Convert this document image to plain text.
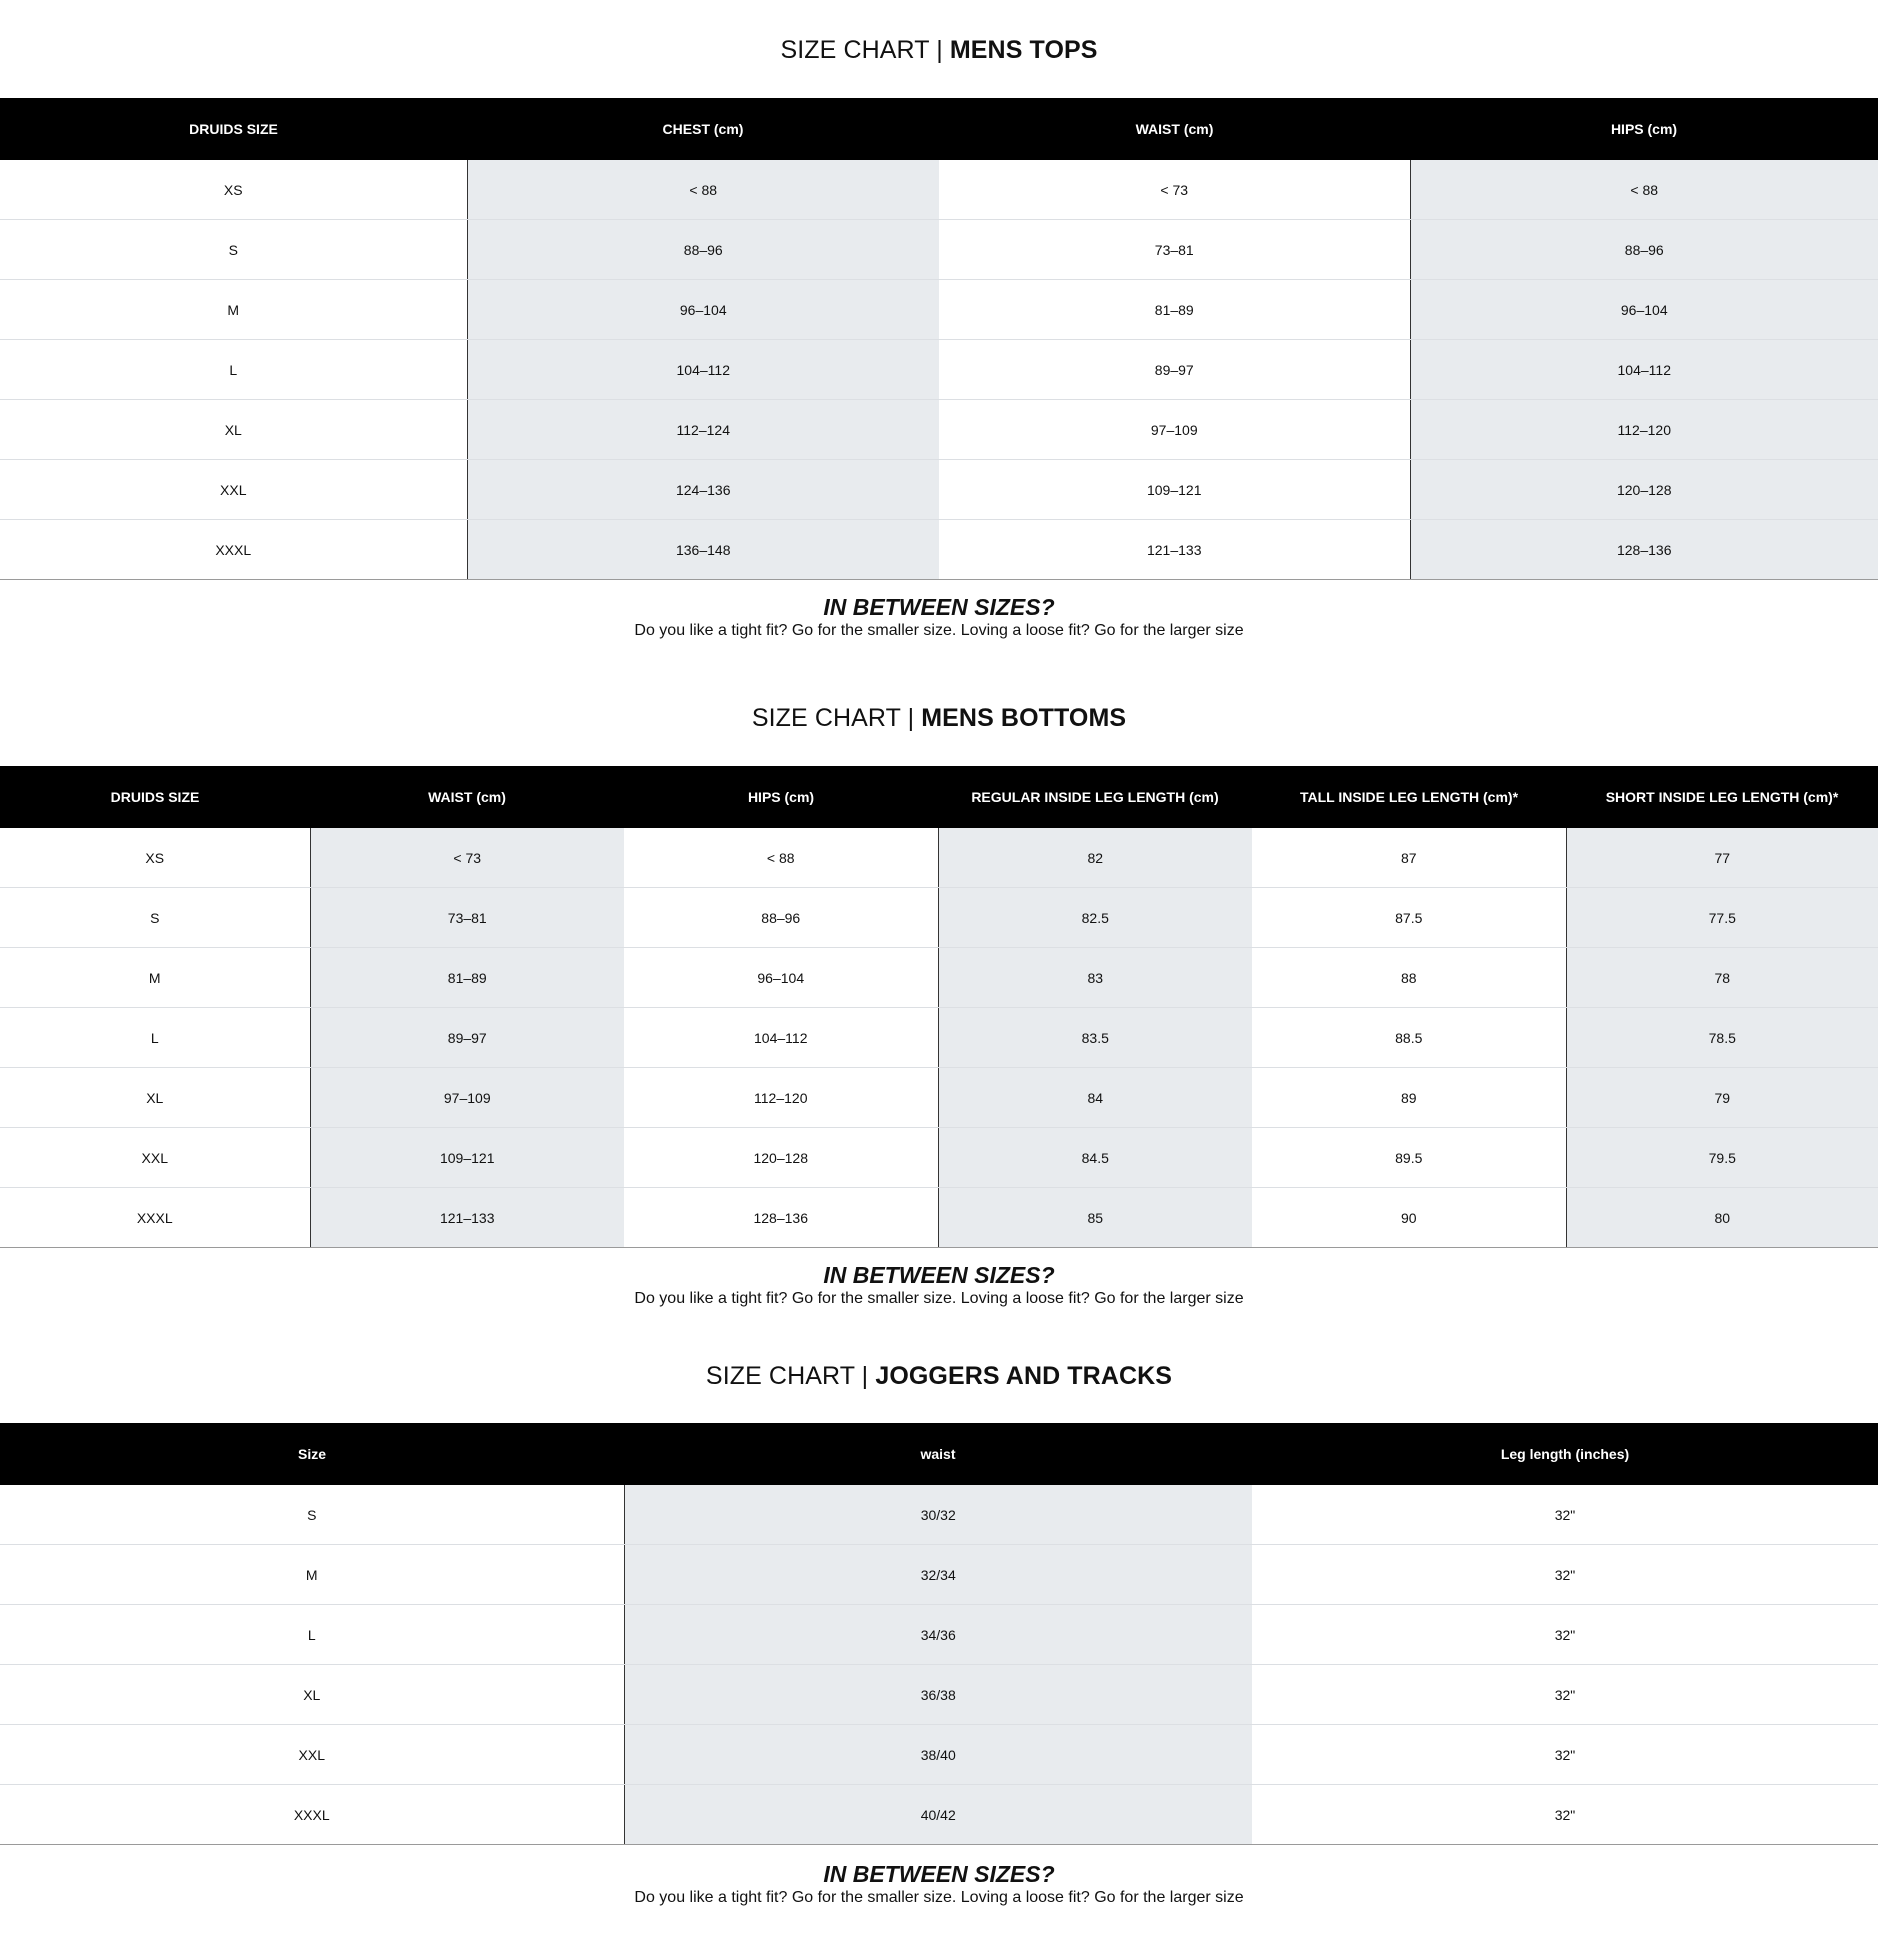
SIZE CHART | MENS TOPS
DRUIDS SIZE	CHEST (cm)	WAIST (cm)	HIPS (cm)
XS	< 88	< 73	< 88
S	88–96	73–81	88–96
M	96–104	81–89	96–104
L	104–112	89–97	104–112
XL	112–124	97–109	112–120
XXL	124–136	109–121	120–128
XXXL	136–148	121–133	128–136
IN BETWEEN SIZES?
Do you like a tight fit? Go for the smaller size. Loving a loose fit? Go for the larger size
SIZE CHART | MENS BOTTOMS
DRUIDS SIZE	WAIST (cm)	HIPS (cm)	REGULAR INSIDE LEG LENGTH (cm)	TALL INSIDE LEG LENGTH (cm)*	SHORT INSIDE LEG LENGTH (cm)*
XS	< 73	< 88	82	87	77
S	73–81	88–96	82.5	87.5	77.5
M	81–89	96–104	83	88	78
L	89–97	104–112	83.5	88.5	78.5
XL	97–109	112–120	84	89	79
XXL	109–121	120–128	84.5	89.5	79.5
XXXL	121–133	128–136	85	90	80
IN BETWEEN SIZES?
Do you like a tight fit? Go for the smaller size. Loving a loose fit? Go for the larger size
SIZE CHART | JOGGERS AND TRACKS
Size	waist	Leg length (inches)
S	30/32	32"
M	32/34	32"
L	34/36	32"
XL	36/38	32"
XXL	38/40	32"
XXXL	40/42	32"
IN BETWEEN SIZES?
Do you like a tight fit? Go for the smaller size. Loving a loose fit? Go for the larger size
